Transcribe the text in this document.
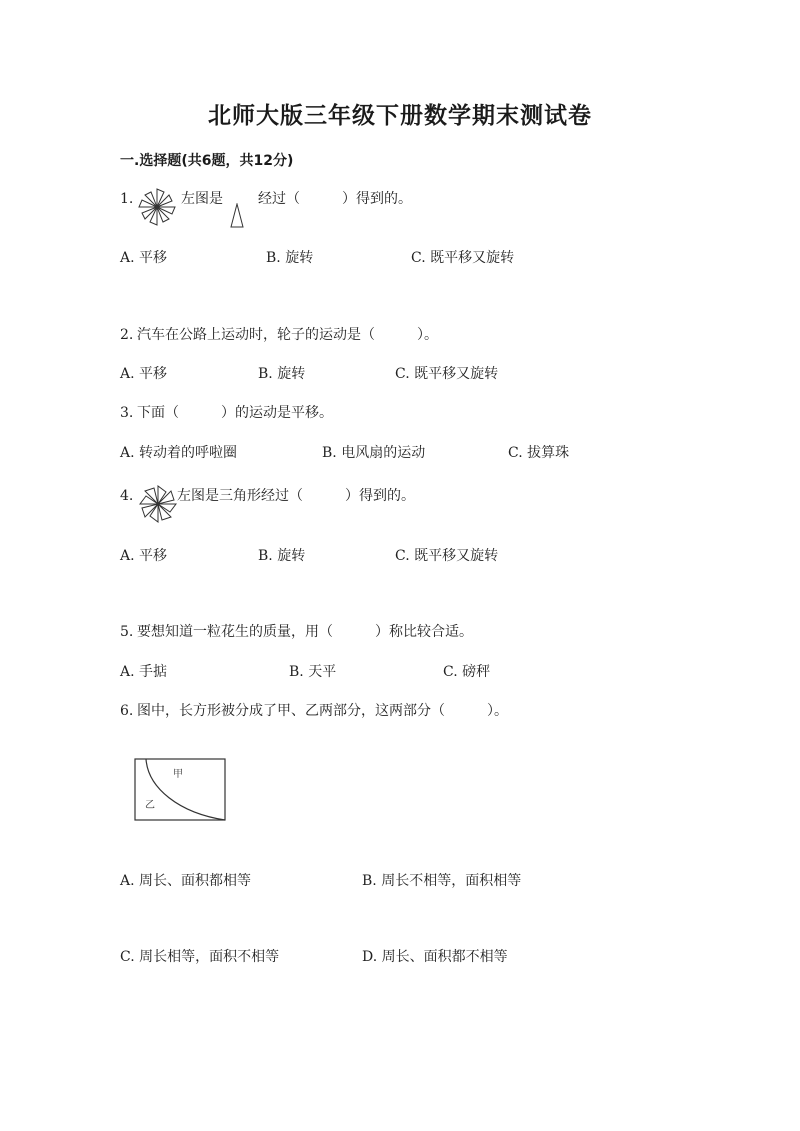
北师大版三年级下册数学期末测试卷
一.选择题(共6题，共12分)
1.	左图是	经过（　　　）得到的。
A. 平移	B. 旋转	C. 既平移又旋转
2. 汽车在公路上运动时，轮子的运动是（　　　）。
A. 平移	B. 旋转	C. 既平移又旋转
3. 下面（　　　）的运动是平移。
A. 转动着的呼啦圈	B. 电风扇的运动	C. 拔算珠
4.	左图是三角形经过（　　　）得到的。
A. 平移	B. 旋转	C. 既平移又旋转
5. 要想知道一粒花生的质量，用（　　　）称比较合适。
A. 手掂	B. 天平	C. 磅秤
6. 图中，长方形被分成了甲、乙两部分，这两部分（　　　）。
甲
乙
A. 周长、面积都相等	B. 周长不相等，面积相等
C. 周长相等，面积不相等	D. 周长、面积都不相等
